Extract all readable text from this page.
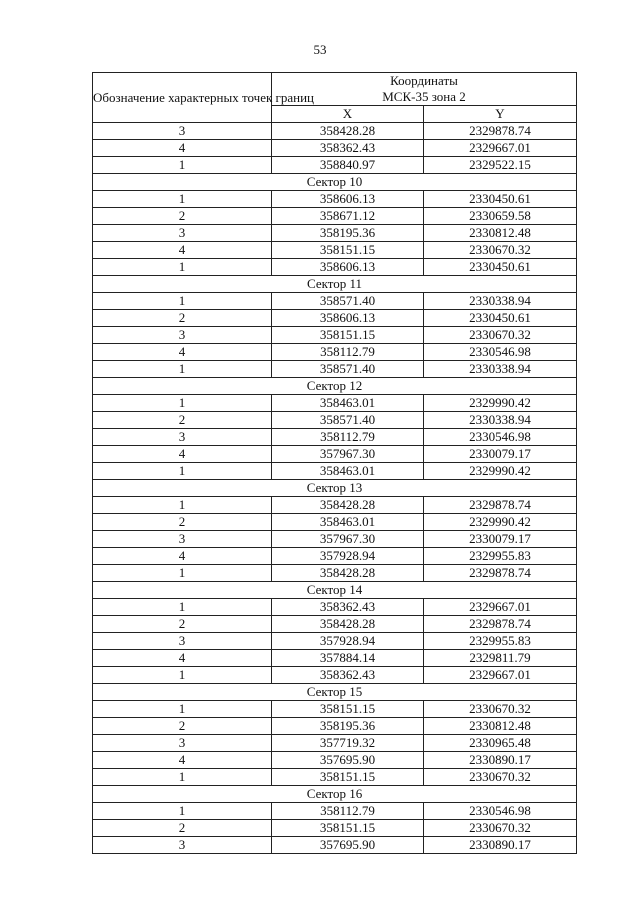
53
Обозначение характерных точек границ	Координаты
МСК-35 зона 2	

	X	Y
3	358428.28	2329878.74
4	358362.43	2329667.01
1	358840.97	2329522.15
Сектор 10		
1	358606.13	2330450.61
2	358671.12	2330659.58
3	358195.36	2330812.48
4	358151.15	2330670.32
1	358606.13	2330450.61
Сектор 11		
1	358571.40	2330338.94
2	358606.13	2330450.61
3	358151.15	2330670.32
4	358112.79	2330546.98
1	358571.40	2330338.94
Сектор 12		
1	358463.01	2329990.42
2	358571.40	2330338.94
3	358112.79	2330546.98
4	357967.30	2330079.17
1	358463.01	2329990.42
Сектор 13		
1	358428.28	2329878.74
2	358463.01	2329990.42
3	357967.30	2330079.17
4	357928.94	2329955.83
1	358428.28	2329878.74
Сектор 14		
1	358362.43	2329667.01
2	358428.28	2329878.74
3	357928.94	2329955.83
4	357884.14	2329811.79
1	358362.43	2329667.01
Сектор 15		
1	358151.15	2330670.32
2	358195.36	2330812.48
3	357719.32	2330965.48
4	357695.90	2330890.17
1	358151.15	2330670.32
Сектор 16		
1	358112.79	2330546.98
2	358151.15	2330670.32
3	357695.90	2330890.17
